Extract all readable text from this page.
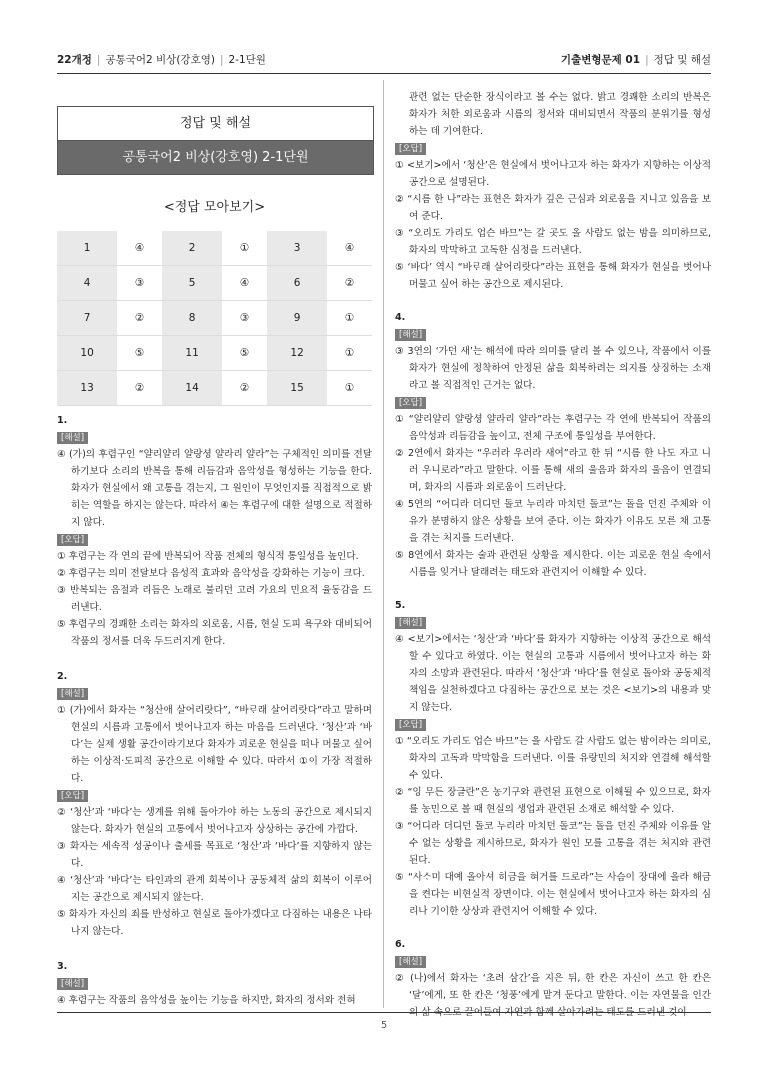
22개정 | 공통국어2 비상(강호영) | 2-1단원	기출변형문제 01 | 정답 및 해설
정답 및 해설
공통국어2 비상(강호영) 2-1단원
<정답 모아보기>
1	④	2	①	3	④
4	③	5	④	6	②
7	②	8	③	9	①
10	⑤	11	⑤	12	①
13	②	14	②	15	①
1.
[해설]
④ (가)의 후렴구인 “얄리얄리 얄랑셩 얄라리 얄라”는 구체적인 의미를 전달하기보다 소리의 반복을 통해 리듬감과 음악성을 형성하는 기능을 한다. 화자가 현실에서 왜 고통을 겪는지, 그 원인이 무엇인지를 직접적으로 밝히는 역할을 하지는 않는다. 따라서 ④는 후렴구에 대한 설명으로 적절하지 않다.
[오답]
① 후렴구는 각 연의 끝에 반복되어 작품 전체의 형식적 통일성을 높인다.
② 후렴구는 의미 전달보다 음성적 효과와 음악성을 강화하는 기능이 크다.
③ 반복되는 음절과 리듬은 노래로 불리던 고려 가요의 민요적 율동감을 드러낸다.
⑤ 후렴구의 경쾌한 소리는 화자의 외로움, 시름, 현실 도피 욕구와 대비되어 작품의 정서를 더욱 두드러지게 한다.
2.
[해설]
① (가)에서 화자는 “청산애 살어리랏다”, “바ᄅᆞ래 살어리랏다”라고 말하며 현실의 시름과 고통에서 벗어나고자 하는 마음을 드러낸다. ‘청산’과 ‘바다’는 실제 생활 공간이라기보다 화자가 괴로운 현실을 떠나 머물고 싶어 하는 이상적·도피적 공간으로 이해할 수 있다. 따라서 ①이 가장 적절하다.
[오답]
② ‘청산’과 ‘바다’는 생계를 위해 돌아가야 하는 노동의 공간으로 제시되지 않는다. 화자가 현실의 고통에서 벗어나고자 상상하는 공간에 가깝다.
③ 화자는 세속적 성공이나 출세를 목표로 ‘청산’과 ‘바다’를 지향하지 않는다.
④ ‘청산’과 ‘바다’는 타인과의 관계 회복이나 공동체적 삶의 회복이 이루어지는 공간으로 제시되지 않는다.
⑤ 화자가 자신의 죄를 반성하고 현실로 돌아가겠다고 다짐하는 내용은 나타나지 않는다.
3.
[해설]
④ 후렴구는 작품의 음악성을 높이는 기능을 하지만, 화자의 정서와 전혀
관련 없는 단순한 장식이라고 볼 수는 없다. 밝고 경쾌한 소리의 반복은 화자가 처한 외로움과 시름의 정서와 대비되면서 작품의 분위기를 형성하는 데 기여한다.
[오답]
① <보기>에서 ‘청산’은 현실에서 벗어나고자 하는 화자가 지향하는 이상적 공간으로 설명된다.
② “시름 한 나”라는 표현은 화자가 깊은 근심과 외로움을 지니고 있음을 보여 준다.
③ “오리도 가리도 업슨 바므”는 갈 곳도 올 사람도 없는 밤을 의미하므로, 화자의 막막하고 고독한 심정을 드러낸다.
⑤ ‘바다’ 역시 “바ᄅᆞ래 살어리랏다”라는 표현을 통해 화자가 현실을 벗어나 머물고 싶어 하는 공간으로 제시된다.
4.
[해설]
③ 3연의 ‘가던 새’는 해석에 따라 의미를 달리 볼 수 있으나, 작품에서 이를 화자가 현실에 정착하여 안정된 삶을 회복하려는 의지를 상징하는 소재라고 볼 직접적인 근거는 없다.
[오답]
① “얄리얄리 얄랑셩 얄라리 얄라”라는 후렴구는 각 연에 반복되어 작품의 음악성과 리듬감을 높이고, 전체 구조에 통일성을 부여한다.
② 2연에서 화자는 “우러라 우러라 새여”라고 한 뒤 “시름 한 나도 자고 니러 우니로라”라고 말한다. 이를 통해 새의 울음과 화자의 울음이 연결되며, 화자의 시름과 외로움이 드러난다.
④ 5연의 “어디라 더디던 돌코 누리라 마치던 돌코”는 돌을 던진 주체와 이유가 분명하지 않은 상황을 보여 준다. 이는 화자가 이유도 모른 채 고통을 겪는 처지를 드러낸다.
⑤ 8연에서 화자는 술과 관련된 상황을 제시한다. 이는 괴로운 현실 속에서 시름을 잊거나 달래려는 태도와 관련지어 이해할 수 있다.
5.
[해설]
④ <보기>에서는 ‘청산’과 ‘바다’를 화자가 지향하는 이상적 공간으로 해석할 수 있다고 하였다. 이는 현실의 고통과 시름에서 벗어나고자 하는 화자의 소망과 관련된다. 따라서 ‘청산’과 ‘바다’를 현실로 돌아와 공동체적 책임을 실천하겠다고 다짐하는 공간으로 보는 것은 <보기>의 내용과 맞지 않는다.
[오답]
① “오리도 가리도 업슨 바므”는 올 사람도 갈 사람도 없는 밤이라는 의미로, 화자의 고독과 막막함을 드러낸다. 이를 유랑민의 처지와 연결해 해석할 수 있다.
② “잉 무든 장글란”은 농기구와 관련된 표현으로 이해될 수 있으므로, 화자를 농민으로 볼 때 현실의 생업과 관련된 소재로 해석할 수 있다.
③ “어디라 더디던 돌코 누리라 마치던 돌코”는 돌을 던진 주체와 이유를 알 수 없는 상황을 제시하므로, 화자가 원인 모를 고통을 겪는 처지와 관련된다.
⑤ “사ᄉᆞ미 대예 올아셔 히금을 혀거를 드로라”는 사슴이 장대에 올라 해금을 켠다는 비현실적 장면이다. 이는 현실에서 벗어나고자 하는 화자의 심리나 기이한 상상과 관련지어 이해할 수 있다.
6.
[해설]
② (나)에서 화자는 ‘초려 삼간’을 지은 뒤, 한 칸은 자신이 쓰고 한 칸은 ‘달’에게, 또 한 칸은 ‘청풍’에게 맡겨 둔다고 말한다. 이는 자연물을 인간의 삶 속으로 끌어들여 자연과 함께 살아가려는 태도를 드러낸 것이
5
